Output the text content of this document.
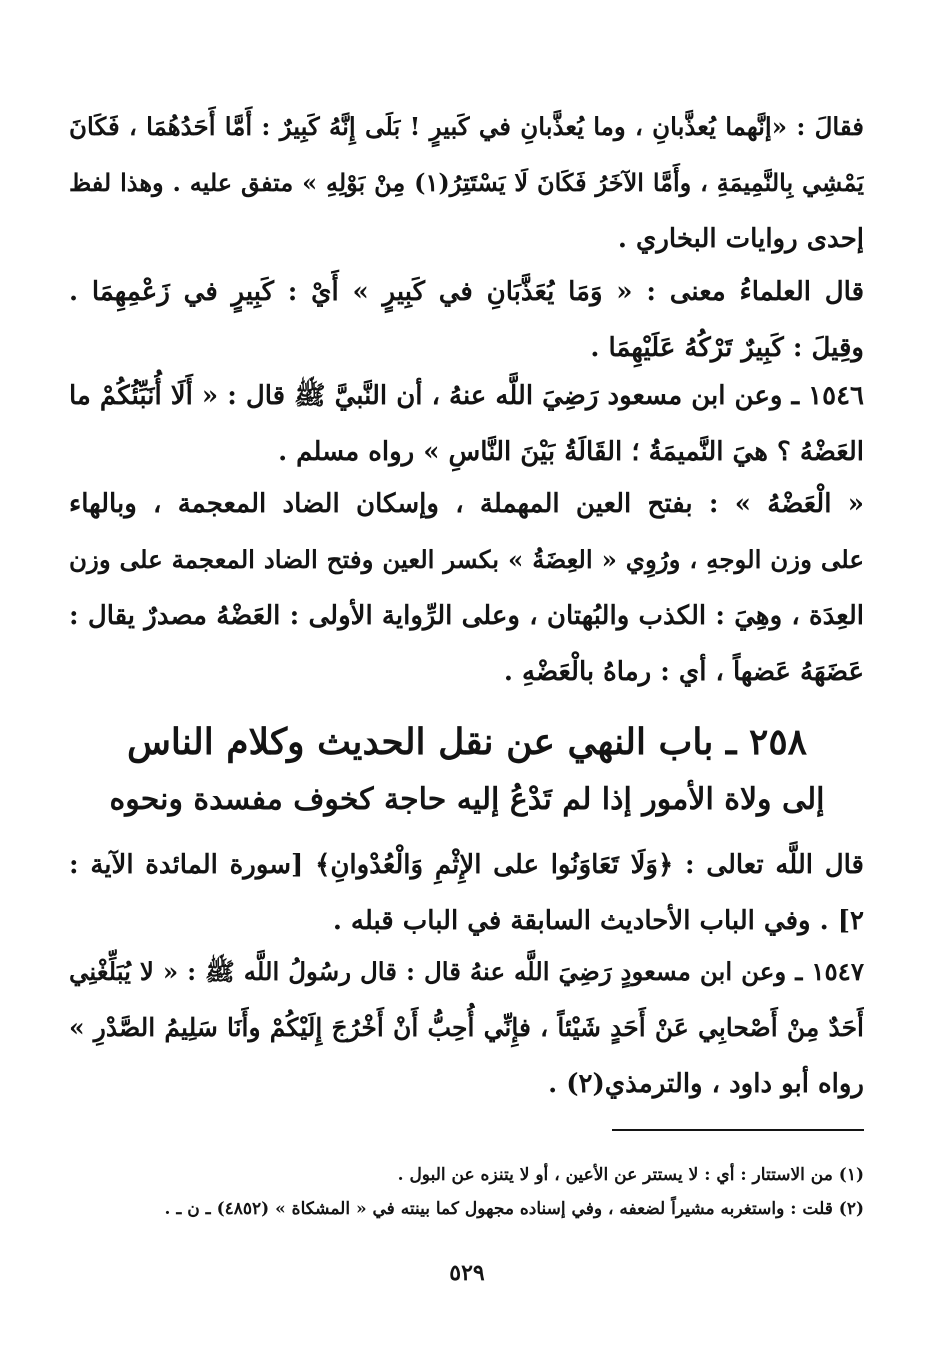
فقالَ : «إنَّهما يُعذَّبانِ ، وما يُعذَّبانِ في كَبيرٍ ! بَلَى إِنَّهُ كَبِيرٌ : أَمَّا أَحَدُهُمَا ، فَكَانَ
يَمْشِي بِالنَّمِيمَةِ ، وأَمَّا الآخَرُ فَكَانَ لَا يَسْتَتِرُ(١) مِنْ بَوْلِهِ » متفق عليه . وهذا لفظ
إحدى روايات البخاري .
قال العلماءُ معنى : « وَمَا يُعَذَّبَانِ في كَبِيرٍ » أَيْ : كَبِيرٍ في زَعْمِهِمَا .
وقِيلَ : كَبِيرٌ تَرْكُهُ عَلَيْهِمَا .
١٥٤٦ ـ وعن ابن مسعود رَضِيَ اللَّه عنهُ ، أن النَّبيَّ ﷺ قال : « أَلَا أُنَبِّئُكُمْ ما
العَضْهُ ؟ هيَ النَّميمَةُ ؛ القَالَةُ بَيْنَ النَّاسِ » رواه مسلم .
« الْعَضْهُ » : بفتح العين المهملة ، وإسكان الضاد المعجمة ، وبالهاء
على وزن الوجهِ ، ورُوِي « العِضَةُ » بكسر العين وفتح الضاد المعجمة على وزن
العِدَة ، وهِيَ : الكذب والبُهتان ، وعلى الرِّواية الأولى : العَضْهُ مصدرٌ يقال :
عَضَهَهُ عَضهاً ، أي : رماهُ بالْعَضْهِ .
٢٥٨ ـ باب النهي عن نقل الحديث وكلام الناس
إلى ولاة الأمور إذا لم تَدْعُ إليه حاجة كخوف مفسدة ونحوه
قال اللَّه تعالى : ﴿وَلَا تَعَاوَنُوا على الإِثْمِ وَالْعُدْوانِ﴾ [سورة المائدة الآية :
٢] . وفي الباب الأحاديث السابقة في الباب قبله .
١٥٤٧ ـ وعن ابن مسعودٍ رَضِيَ اللَّه عنهُ قال : قال رسُولُ اللَّه ﷺ : « لا يُبَلِّغْنِي
أَحَدٌ مِنْ أَصْحابِي عَنْ أَحَدٍ شَيْئاً ، فإِنِّي أُحِبُّ أَنْ أَخْرُجَ إِلَيْكُمْ وأَنَا سَلِيمُ الصَّدْرِ »
رواه أبو داود ، والترمذي(٢) .
(١) من الاستتار : أي : لا يستتر عن الأعين ، أو لا يتنزه عن البول .
(٢) قلت : واستغربه مشيراً لضعفه ، وفي إسناده مجهول كما بينته في « المشكاة » (٤٨٥٢) ـ ن ـ .
٥٢٩
